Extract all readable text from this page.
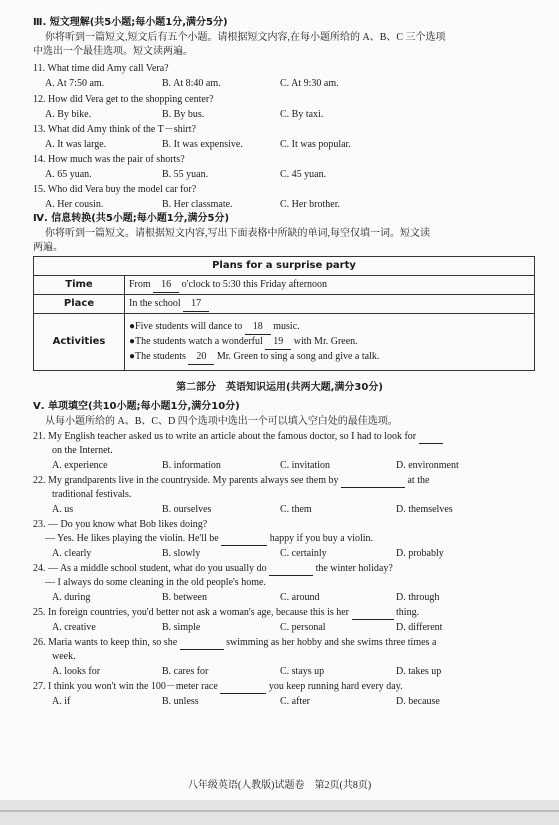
Ⅲ. 短文理解(共5小题;每小题1分,满分5分)
你将听到一篇短文,短文后有五个小题。请根据短文内容,在每小题所给的 A、B、C 三个选项
中选出一个最佳选项。短文读两遍。
11. What time did Amy call Vera?
A. At 7:50 am.	B. At 8:40 am.	C. At 9:30 am.
12. How did Vera get to the shopping center?
A. By bike.	B. By bus.	C. By taxi.
13. What did Amy think of the T－shirt?
A. It was large.	B. It was expensive.	C. It was popular.
14. How much was the pair of shorts?
A. 65 yuan.	B. 55 yuan.	C. 45 yuan.
15. Who did Vera buy the model car for?
A. Her cousin.	B. Her classmate.	C. Her brother.
Ⅳ. 信息转换(共5小题;每小题1分,满分5分)
你将听到一篇短文。请根据短文内容,写出下面表格中所缺的单词,每空仅填一词。短文读
两遍。
Plans for a surprise party	
Time	From 16 o'clock to 5:30 this Friday afternoon
Place	In the school 17
Activities	●Five students will dance to 18 music.
●The students watch a wonderful 19 with Mr. Green.
●The students 20 Mr. Green to sing a song and give a talk.
第二部分　英语知识运用(共两大题,满分30分)
Ⅴ. 单项填空(共10小题;每小题1分,满分10分)
从每小题所给的 A、B、C、D 四个选项中选出一个可以填入空白处的最佳选项。
21. My English teacher asked us to write an article about the famous doctor, so I had to look for
on the Internet.
A. experience	B. information	C. invitation	D. environment
22. My grandparents live in the countryside. My parents always see them by	at the
traditional festivals.
A. us	B. ourselves	C. them	D. themselves
23. — Do you know what Bob likes doing?
— Yes. He likes playing the violin. He'll be	happy if you buy a violin.
A. clearly	B. slowly	C. certainly	D. probably
24. — As a middle school student, what do you usually do	the winter holiday?
— I always do some cleaning in the old people's home.
A. during	B. between	C. around	D. through
25. In foreign countries, you'd better not ask a woman's age, because this is her	thing.
A. creative	B. simple	C. personal	D. different
26. Maria wants to keep thin, so she	swimming as her hobby and she swims three times a
week.
A. looks for	B. cares for	C. stays up	D. takes up
27. I think you won't win the 100－meter race	you keep running hard every day.
A. if	B. unless	C. after	D. because
八年级英语(人教版)试题卷　第2页(共8页)
